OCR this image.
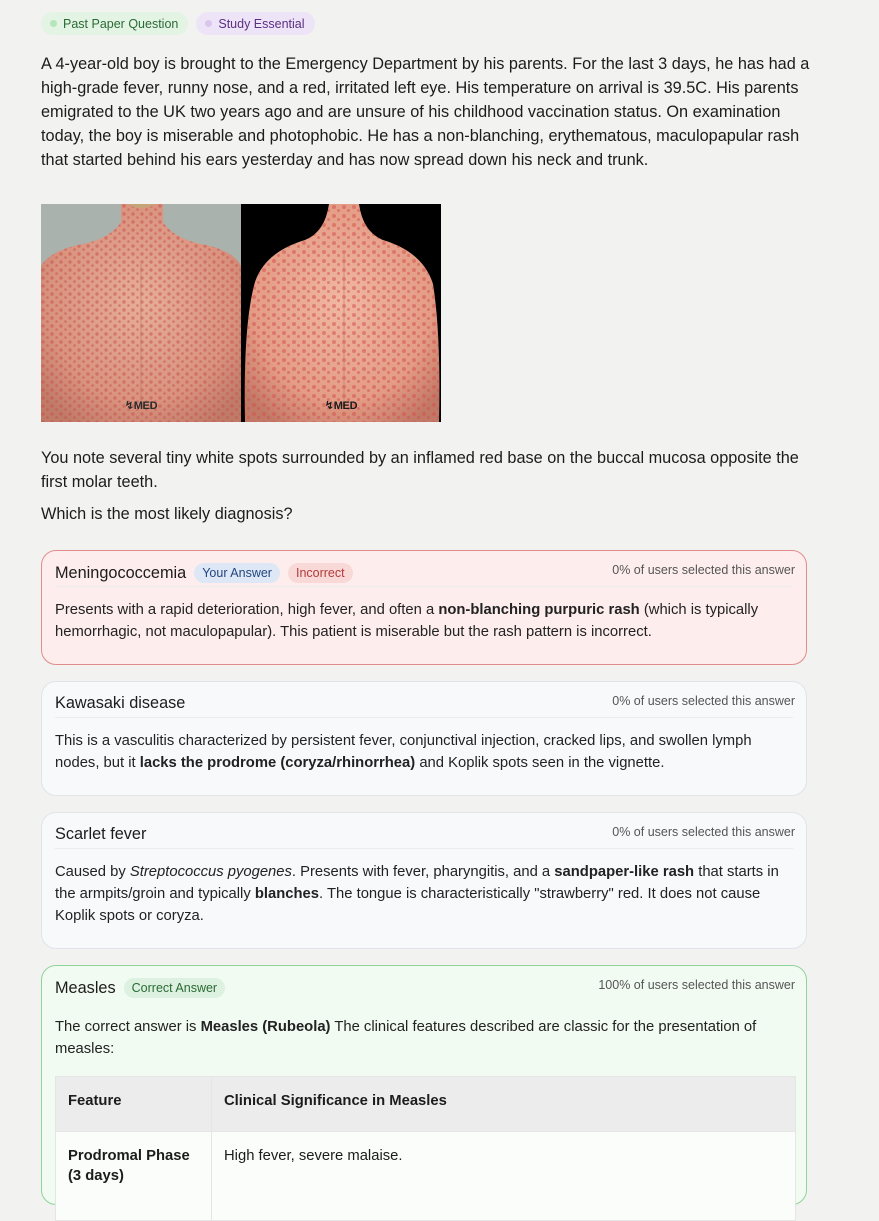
Past Paper Question	Study Essential

A 4-year-old boy is brought to the Emergency Department by his parents. For the last 3 days, he has had a high-grade fever, runny nose, and a red, irritated left eye. His temperature on arrival is 39.5C. His parents emigrated to the UK two years ago and are unsure of his childhood vaccination status. On examination today, the boy is miserable and photophobic. He has a non-blanching, erythematous, maculopapular rash that started behind his ears yesterday and has now spread down his neck and trunk.

↯MED	↯MED

You note several tiny white spots surrounded by an inflamed red base on the buccal mucosa opposite the first molar teeth.

Which is the most likely diagnosis?

Meningococcemia	Your Answer	Incorrect	0% of users selected this answer

Presents with a rapid deterioration, high fever, and often a non-blanching purpuric rash (which is typically hemorrhagic, not maculopapular). This patient is miserable but the rash pattern is incorrect.

Kawasaki disease	0% of users selected this answer

This is a vasculitis characterized by persistent fever, conjunctival injection, cracked lips, and swollen lymph nodes, but it lacks the prodrome (coryza/rhinorrhea) and Koplik spots seen in the vignette.

Scarlet fever	0% of users selected this answer

Caused by Streptococcus pyogenes. Presents with fever, pharyngitis, and a sandpaper-like rash that starts in the armpits/groin and typically blanches. The tongue is characteristically "strawberry" red. It does not cause Koplik spots or coryza.

Measles	Correct Answer	100% of users selected this answer

The correct answer is Measles (Rubeola) The clinical features described are classic for the presentation of measles:

Feature	Clinical Significance in Measles
Prodromal Phase (3 days)	High fever, severe malaise.
